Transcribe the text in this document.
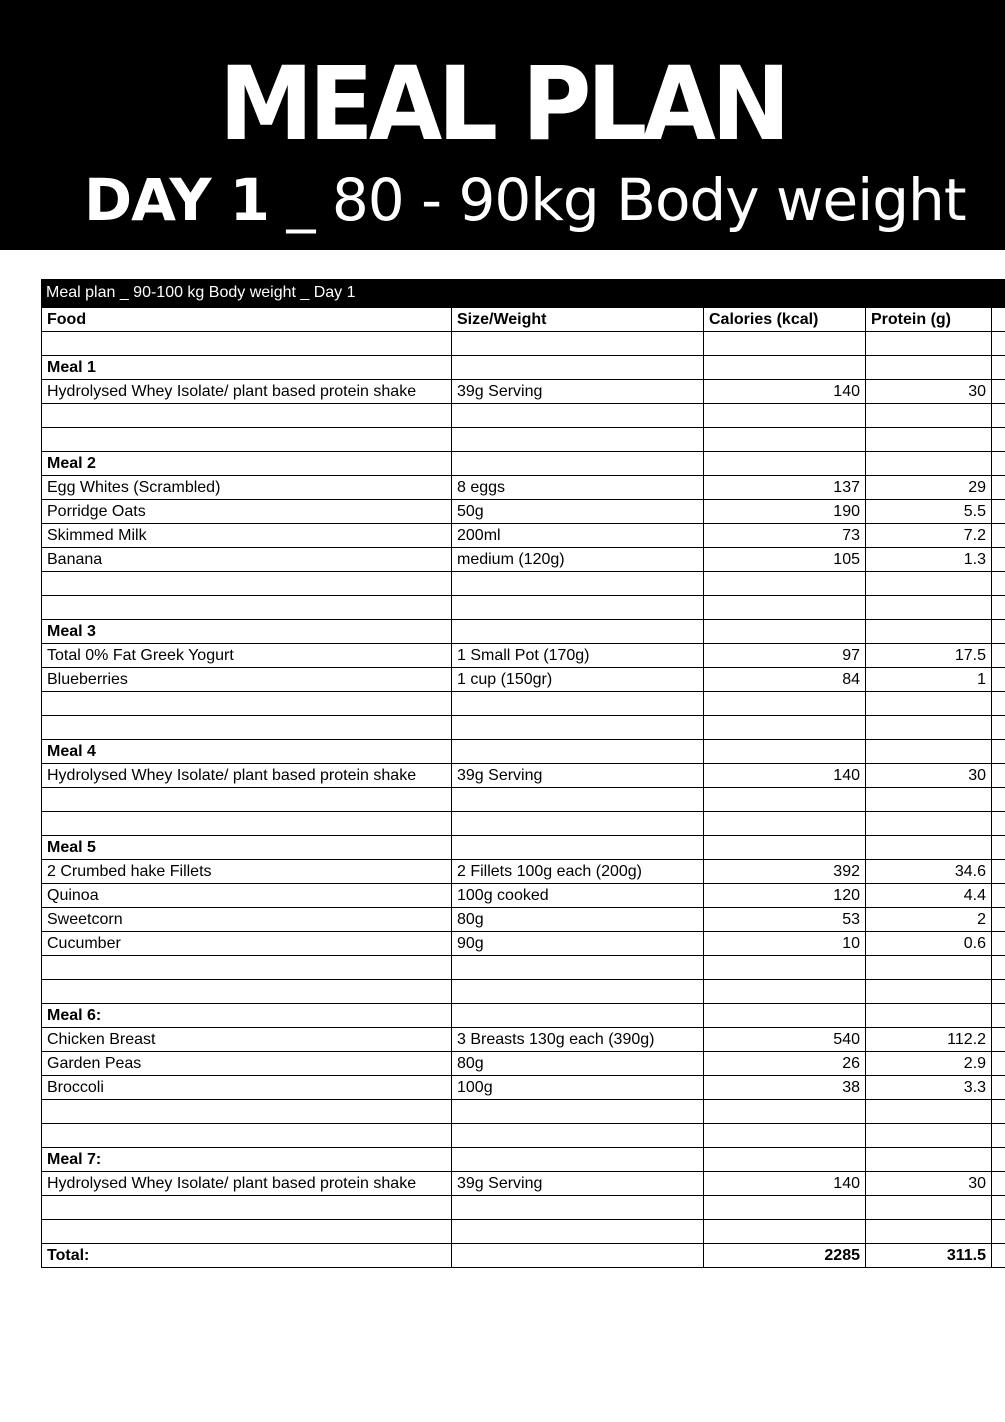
MEAL PLAN
DAY 1 _ 80 - 90kg Body weight
Meal plan _ 90-100 kg Body weight _ Day 1
Food	Size/Weight	Calories (kcal)	Protein (g)	

Meal 1				
Hydrolysed Whey Isolate/ plant based protein shake	39g Serving	140	30	

Meal 2				
Egg Whites (Scrambled)	8 eggs	137	29	
Porridge Oats	50g	190	5.5	
Skimmed Milk	200ml	73	7.2	
Banana	medium (120g)	105	1.3	

Meal 3				
Total 0% Fat Greek Yogurt	1 Small Pot (170g)	97	17.5	
Blueberries	1 cup (150gr)	84	1	

Meal 4				
Hydrolysed Whey Isolate/ plant based protein shake	39g Serving	140	30	

Meal 5				
2 Crumbed hake Fillets	2 Fillets 100g each (200g)	392	34.6	
Quinoa	100g cooked	120	4.4	
Sweetcorn	80g	53	2	
Cucumber	90g	10	0.6	

Meal 6:				
Chicken Breast	3 Breasts 130g each (390g)	540	112.2	
Garden Peas	80g	26	2.9	
Broccoli	100g	38	3.3	

Meal 7:				
Hydrolysed Whey Isolate/ plant based protein shake	39g Serving	140	30	

Total:		2285	311.5	
